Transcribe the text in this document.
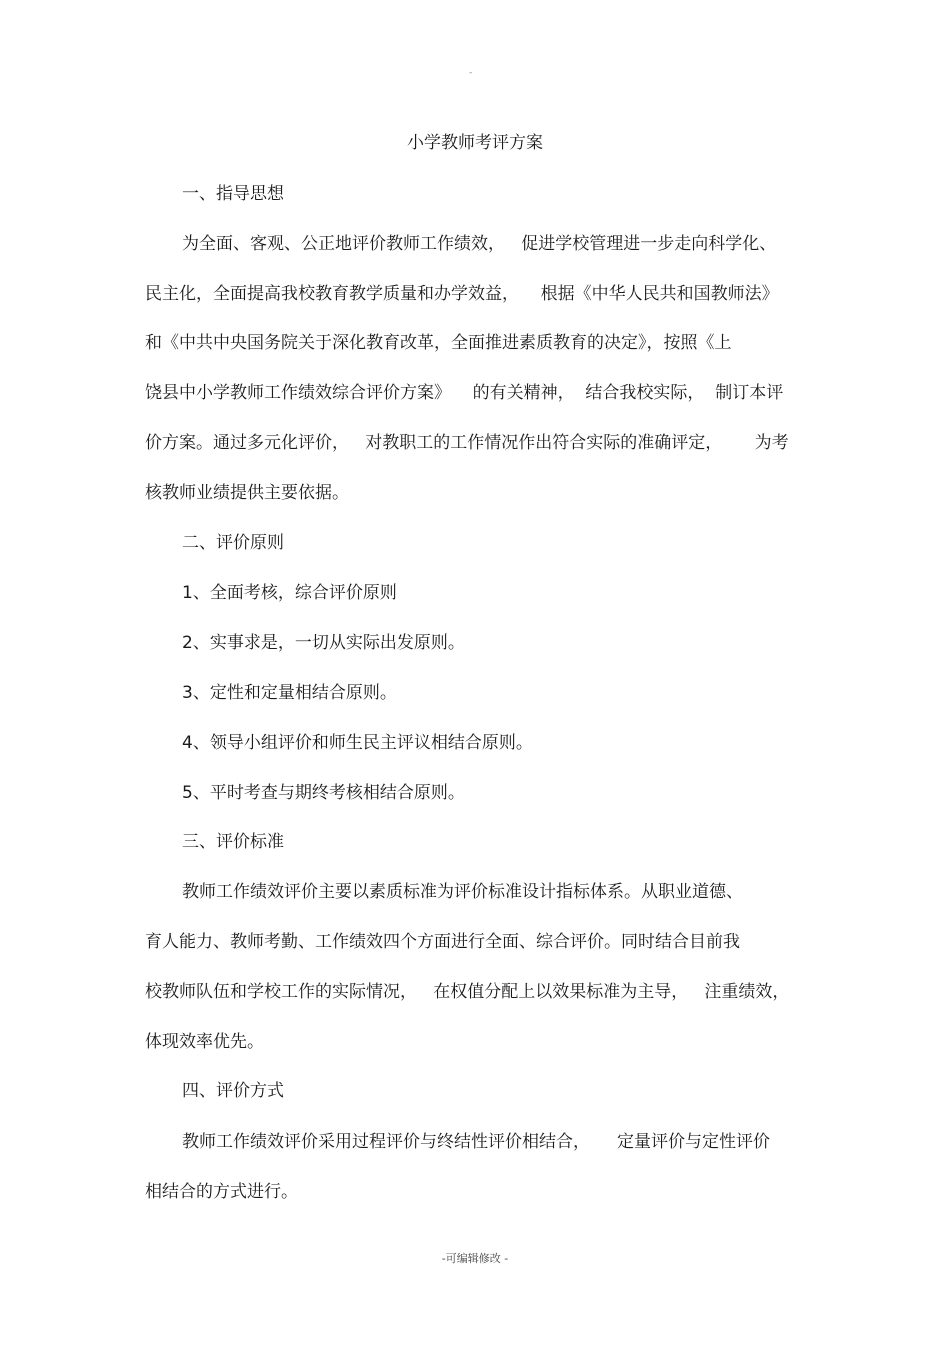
-
小学教师考评方案
一、指导思想
为全面、客观、公正地评价教师工作绩效，   促进学校管理进一步走向科学化、
民主化，全面提高我校教育教学质量和办学效益，    根据《中华人民共和国教师法》
和《中共中央国务院关于深化教育改革，全面推进素质教育的决定》，按照《上
饶县中小学教师工作绩效综合评价方案》    的有关精神，  结合我校实际，  制订本评
价方案。通过多元化评价，   对教职工的工作情况作出符合实际的准确评定，      为考
核教师业绩提供主要依据。
二、评价原则
1、全面考核，综合评价原则
2、实事求是，一切从实际出发原则。
3、定性和定量相结合原则。
4、领导小组评价和师生民主评议相结合原则。
5、平时考查与期终考核相结合原则。
三、评价标准
教师工作绩效评价主要以素质标准为评价标准设计指标体系。从职业道德、
育人能力、教师考勤、工作绩效四个方面进行全面、综合评价。同时结合目前我
校教师队伍和学校工作的实际情况，   在权值分配上以效果标准为主导，   注重绩效，
体现效率优先。
四、评价方式
教师工作绩效评价采用过程评价与终结性评价相结合，     定量评价与定性评价
相结合的方式进行。
-可编辑修改 -
